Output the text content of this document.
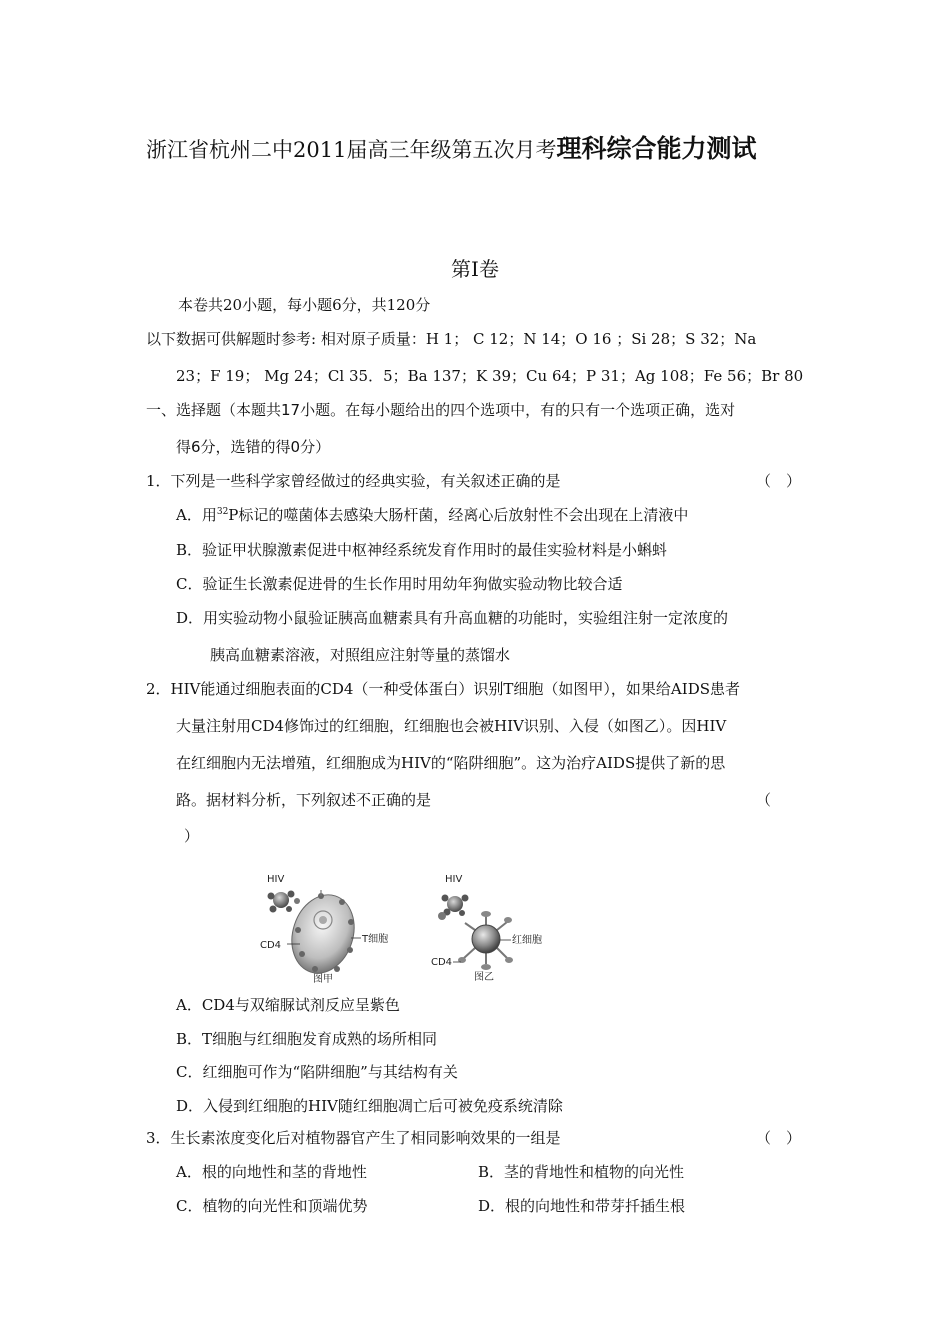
浙江省杭州二中2011届高三年级第五次月考理科综合能力测试
第Ⅰ卷
本卷共20小题，每小题6分，共120分
以下数据可供解题时参考: 相对原子质量：H 1； C 12；N 14；O 16 ；Si 28；S 32；Na
23；F 19； Mg 24；Cl 35．5；Ba 137；K 39；Cu 64；P 31；Ag 108；Fe 56；Br 80
一、选择题（本题共17小题。在每小题给出的四个选项中，有的只有一个选项正确，选对
得6分，选错的得0分）
1．下列是一些科学家曾经做过的经典实验，有关叙述正确的是	（　）
A．用$^{32}$P标记的噬菌体去感染大肠杆菌，经离心后放射性不会出现在上清液中
B．验证甲状腺激素促进中枢神经系统发育作用时的最佳实验材料是小蝌蚪
C．验证生长激素促进骨的生长作用时用幼年狗做实验动物比较合适
D．用实验动物小鼠验证胰高血糖素具有升高血糖的功能时，实验组注射一定浓度的
胰高血糖素溶液，对照组应注射等量的蒸馏水
2．HIV能通过细胞表面的CD4（一种受体蛋白）识别T细胞（如图甲），如果给AIDS患者
大量注射用CD4修饰过的红细胞，红细胞也会被HIV识别、入侵（如图乙）。因HIV
在红细胞内无法增殖，红细胞成为HIV的“陷阱细胞”。这为治疗AIDS提供了新的思
路。据材料分析，下列叙述不正确的是	（
）
HIV
CD4
T细胞
图甲
HIV
红细胞
CD4
图乙
A．CD4与双缩脲试剂反应呈紫色
B．T细胞与红细胞发育成熟的场所相同
C．红细胞可作为“陷阱细胞”与其结构有关
D．入侵到红细胞的HIV随红细胞凋亡后可被免疫系统清除
3．生长素浓度变化后对植物器官产生了相同影响效果的一组是	（　）
A．根的向地性和茎的背地性	B．茎的背地性和植物的向光性
C．植物的向光性和顶端优势	D．根的向地性和带芽扦插生根
